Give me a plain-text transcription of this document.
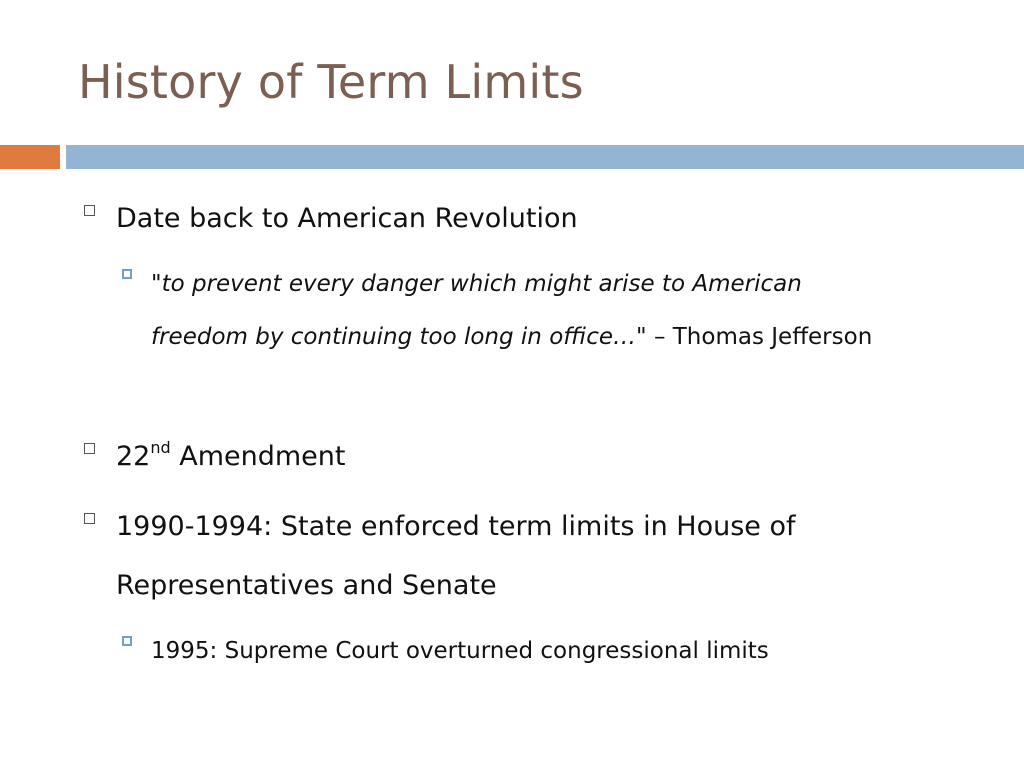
History of Term Limits
Date back to American Revolution
"to prevent every danger which might arise to American freedom by continuing too long in office…" – Thomas Jefferson
22nd Amendment
1990-1994: State enforced term limits in House of Representatives and Senate
1995: Supreme Court overturned congressional limits
